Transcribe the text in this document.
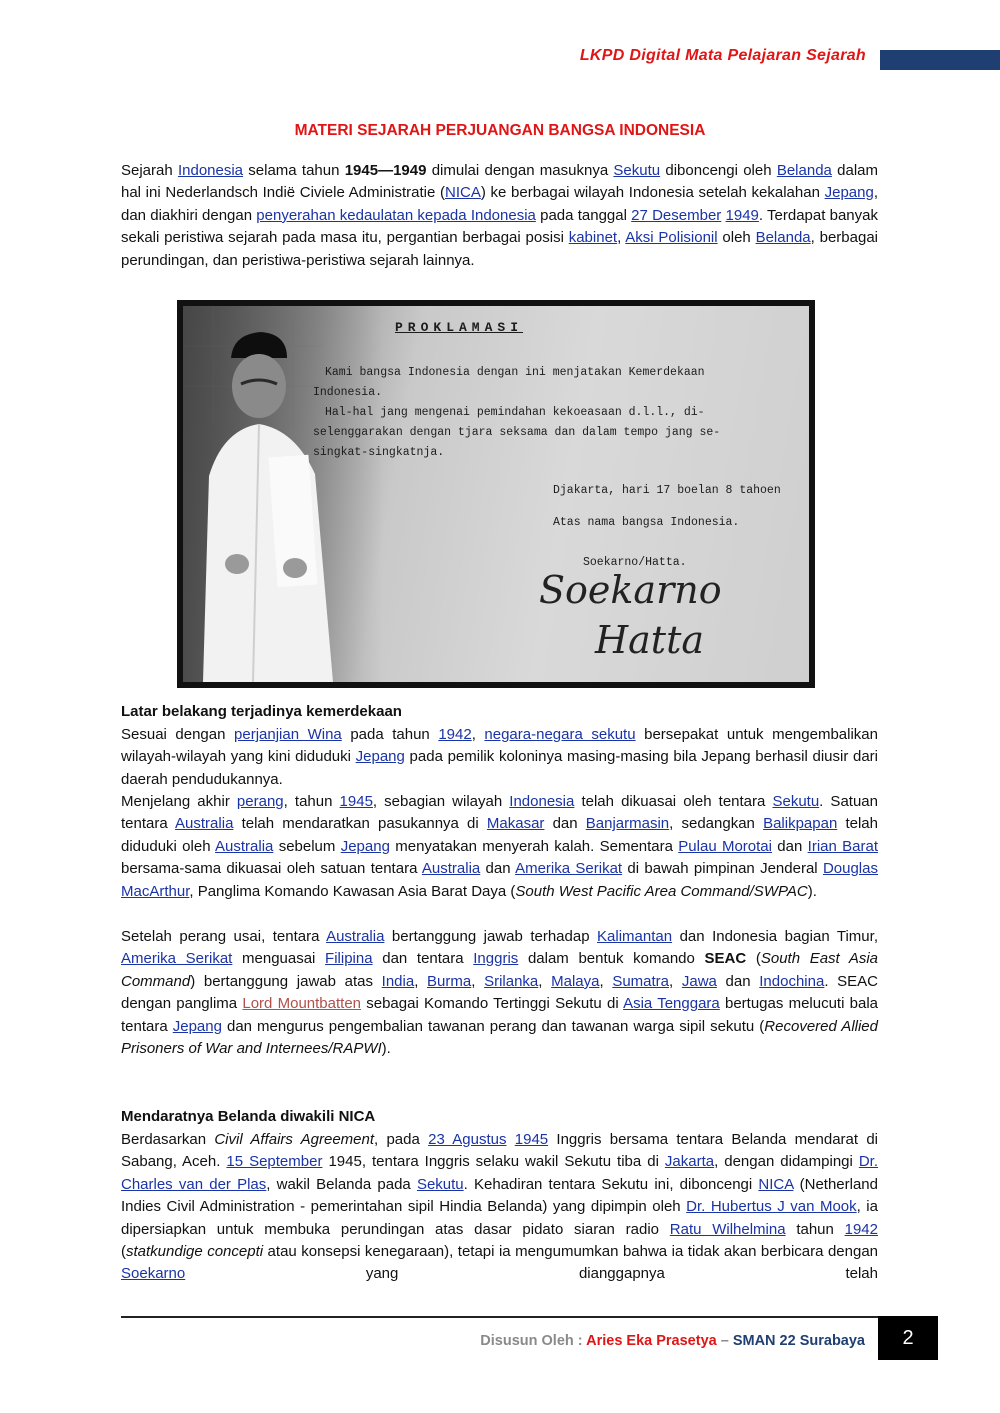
LKPD Digital Mata Pelajaran Sejarah
MATERI SEJARAH PERJUANGAN BANGSA INDONESIA

Sejarah Indonesia selama tahun 1945—1949 dimulai dengan masuknya Sekutu diboncengi oleh Belanda dalam hal ini Nederlandsch Indië Civiele Administratie (NICA) ke berbagai wilayah Indonesia setelah kekalahan Jepang, dan diakhiri dengan penyerahan kedaulatan kepada Indonesia pada tanggal 27 Desember 1949. Terdapat banyak sekali peristiwa sejarah pada masa itu, pergantian berbagai posisi kabinet, Aksi Polisionil oleh Belanda, berbagai perundingan, dan peristiwa-peristiwa sejarah lainnya.

PROKLAMASI
Kami bangsa Indonesia dengan ini menjatakan Kemerdekaan
Indonesia.
Hal-hal jang mengenai pemindahan kekoeasaan d.l.l., di-
selenggarakan dengan tjara seksama dan dalam tempo jang se-
singkat-singkatnja.
Djakarta, hari 17 boelan 8 tahoen
Atas nama bangsa Indonesia.
Soekarno/Hatta.
Soekarno
Hatta
Latar belakang terjadinya kemerdekaan

Sesuai dengan perjanjian Wina pada tahun 1942, negara-negara sekutu bersepakat untuk mengembalikan wilayah-wilayah yang kini diduduki Jepang pada pemilik koloninya masing-masing bila Jepang berhasil diusir dari daerah pendudukannya.

Menjelang akhir perang, tahun 1945, sebagian wilayah Indonesia telah dikuasai oleh tentara Sekutu. Satuan tentara Australia telah mendaratkan pasukannya di Makasar dan Banjarmasin, sedangkan Balikpapan telah diduduki oleh Australia sebelum Jepang menyatakan menyerah kalah. Sementara Pulau Morotai dan Irian Barat bersama-sama dikuasai oleh satuan tentara Australia dan Amerika Serikat di bawah pimpinan Jenderal Douglas MacArthur, Panglima Komando Kawasan Asia Barat Daya (South West Pacific Area Command/SWPAC).

Setelah perang usai, tentara Australia bertanggung jawab terhadap Kalimantan dan Indonesia bagian Timur, Amerika Serikat menguasai Filipina dan tentara Inggris dalam bentuk komando SEAC (South East Asia Command) bertanggung jawab atas India, Burma, Srilanka, Malaya, Sumatra, Jawa dan Indochina. SEAC dengan panglima Lord Mountbatten sebagai Komando Tertinggi Sekutu di Asia Tenggara bertugas melucuti bala tentara Jepang dan mengurus pengembalian tawanan perang dan tawanan warga sipil sekutu (Recovered Allied Prisoners of War and Internees/RAPWI).

Mendaratnya Belanda diwakili NICA

Berdasarkan Civil Affairs Agreement, pada 23 Agustus 1945 Inggris bersama tentara Belanda mendarat di Sabang, Aceh. 15 September 1945, tentara Inggris selaku wakil Sekutu tiba di Jakarta, dengan didampingi Dr. Charles van der Plas, wakil Belanda pada Sekutu. Kehadiran tentara Sekutu ini, diboncengi NICA (Netherland Indies Civil Administration - pemerintahan sipil Hindia Belanda) yang dipimpin oleh Dr. Hubertus J van Mook, ia dipersiapkan untuk membuka perundingan atas dasar pidato siaran radio Ratu Wilhelmina tahun 1942 (statkundige concepti atau konsepsi kenegaraan), tetapi ia mengumumkan bahwa ia tidak akan berbicara dengan Soekarno yang dianggapnya telah

Disusun Oleh : Aries Eka Prasetya – SMAN 22 Surabaya	2
